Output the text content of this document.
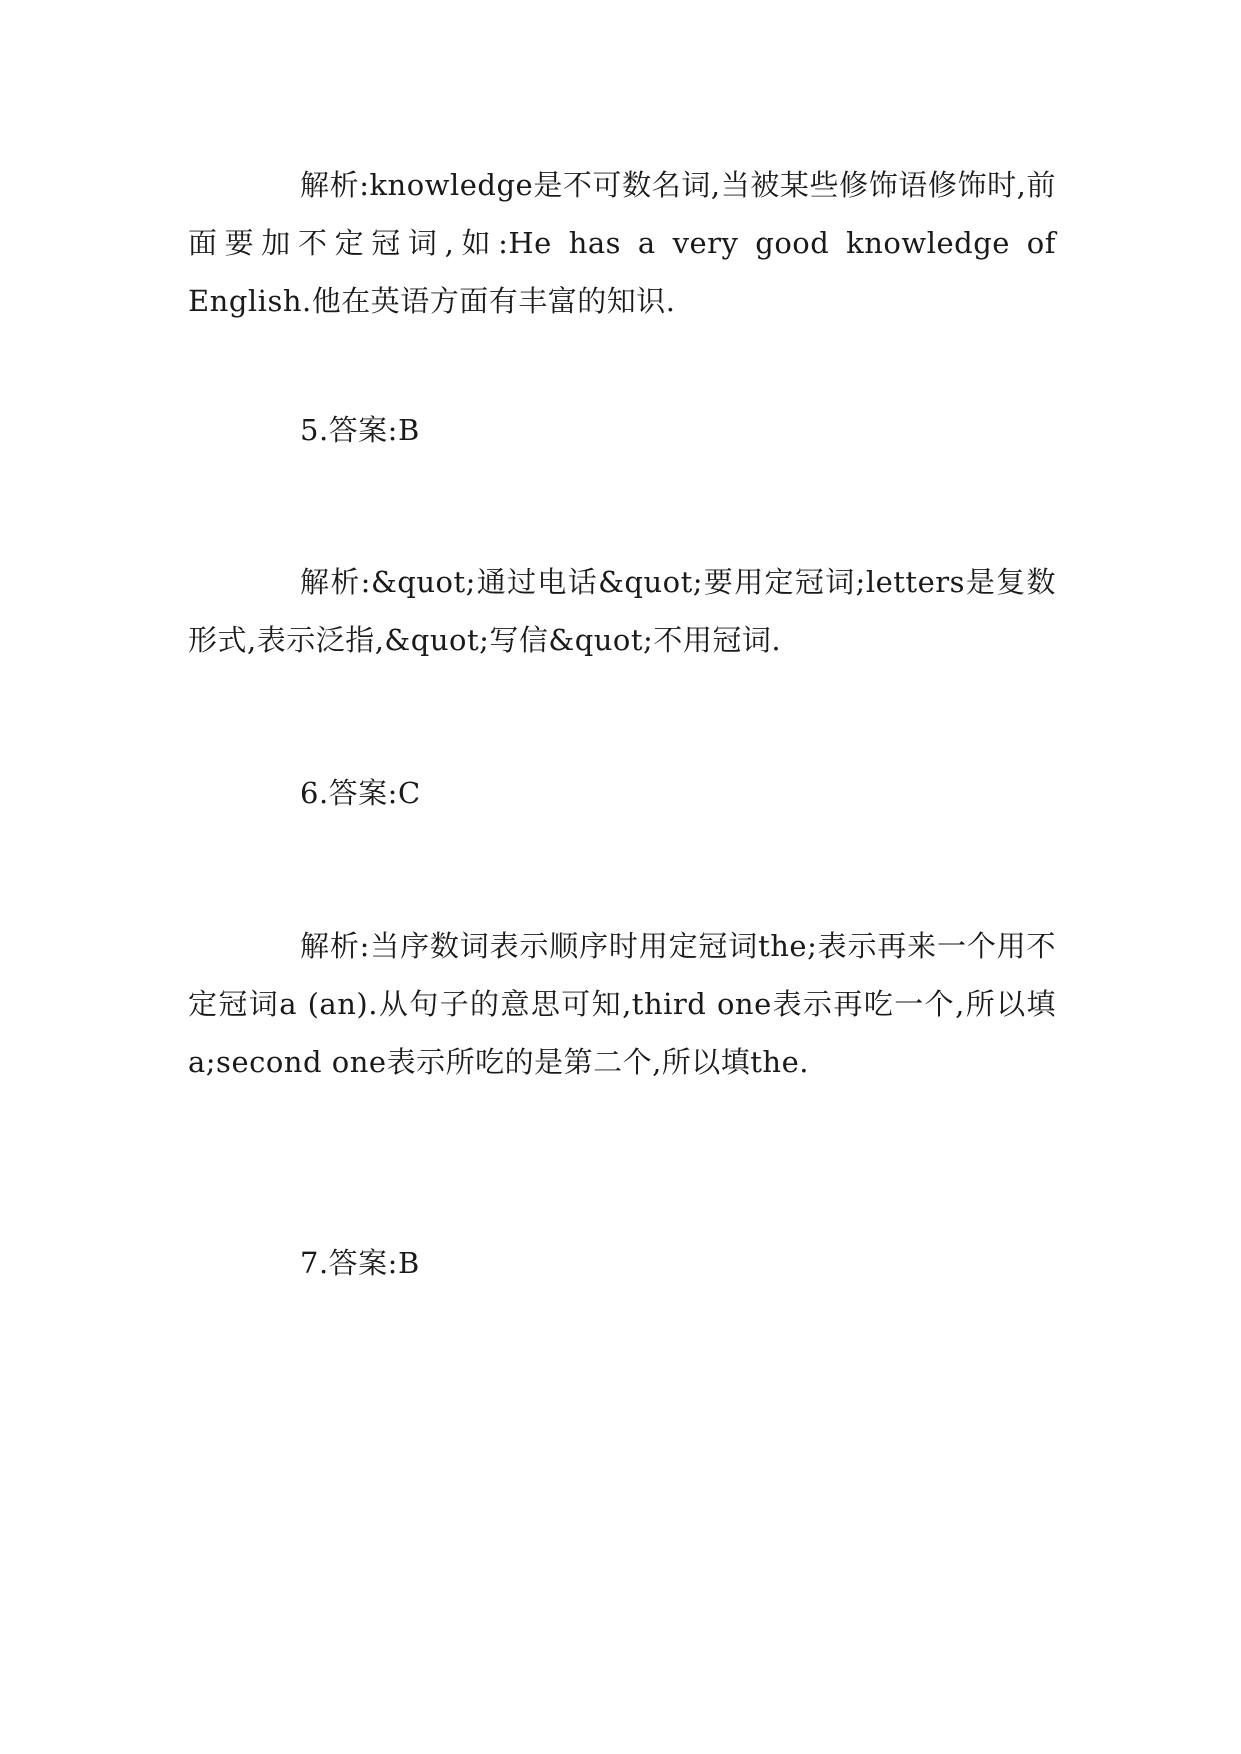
解析:knowledge是不可数名词,当被某些修饰语修饰时,前面要加不定冠词,如:He has a very good knowledge of English.他在英语方面有丰富的知识.

5.答案:B

解析:&quot;通过电话&quot;要用定冠词;letters是复数形式,表示泛指,&quot;写信&quot;不用冠词.

6.答案:C

解析:当序数词表示顺序时用定冠词the;表示再来一个用不定冠词a (an).从句子的意思可知,third one表示再吃一个,所以填a;second one表示所吃的是第二个,所以填the.

7.答案:B
